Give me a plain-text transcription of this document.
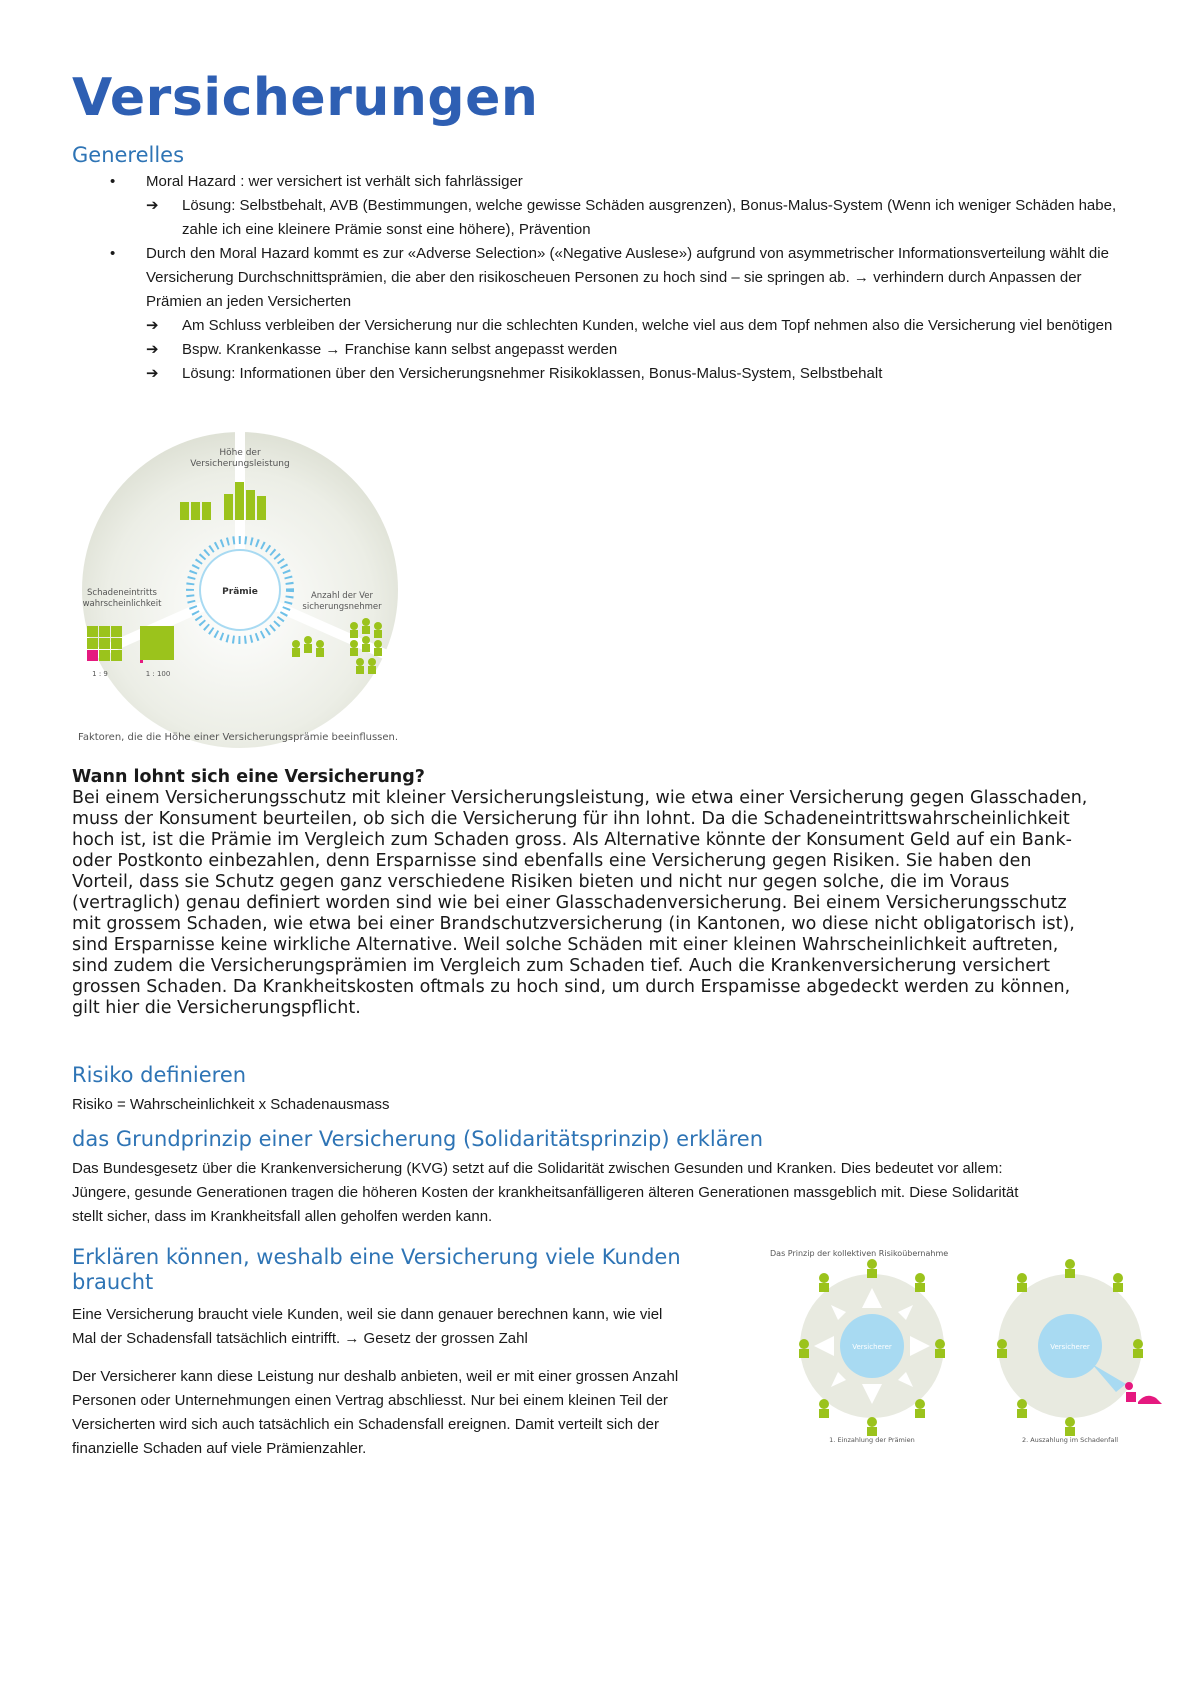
Versicherungen
Generelles
•	Moral Hazard : wer versichert ist verhält sich fahrlässiger
➔	Lösung: Selbstbehalt, AVB (Bestimmungen, welche gewisse Schäden ausgrenzen), Bonus-Malus-System (Wenn ich weniger Schäden habe, zahle ich eine kleinere Prämie sonst eine höhere), Prävention
•	Durch den Moral Hazard kommt es zur «Adverse Selection» («Negative Auslese») aufgrund von asymmetrischer Informationsverteilung wählt die Versicherung Durchschnittsprämien, die aber den risikoscheuen Personen zu hoch sind – sie springen ab. → verhindern durch Anpassen der Prämien an jeden Versicherten
➔	Am Schluss verbleiben der Versicherung nur die schlechten Kunden, welche viel aus dem Topf nehmen also die Versicherung viel benötigen
➔	Bspw. Krankenkasse → Franchise kann selbst angepasst werden
➔	Lösung: Informationen über den Versicherungsnehmer Risikoklassen, Bonus-Malus-System, Selbstbehalt
Prämie
Höhe der
Versicherungsleistung
Schadeneintritts
wahrscheinlichkeit
1 : 9	1 : 100
Anzahl der Ver
sicherungsnehmer
Faktoren, die die Höhe einer Versicherungsprämie beeinflussen.
Wann lohnt sich eine Versicherung?
Bei einem Versicherungsschutz mit kleiner Versicherungsleistung, wie etwa einer Versicherung gegen Glasschaden,
muss der Konsument beurteilen, ob sich die Versicherung für ihn lohnt. Da die Schadeneintrittswahrscheinlichkeit
hoch ist, ist die Prämie im Vergleich zum Schaden gross. Als Alternative könnte der Konsument Geld auf ein Bank-
oder Postkonto einbezahlen, denn Ersparnisse sind ebenfalls eine Versicherung gegen Risiken. Sie haben den
Vorteil, dass sie Schutz gegen ganz verschiedene Risiken bieten und nicht nur gegen solche, die im Voraus
(vertraglich) genau definiert worden sind wie bei einer Glasschadenversicherung. Bei einem Versicherungsschutz
mit grossem Schaden, wie etwa bei einer Brandschutzversicherung (in Kantonen, wo diese nicht obligatorisch ist),
sind Ersparnisse keine wirkliche Alternative. Weil solche Schäden mit einer kleinen Wahrscheinlichkeit auftreten,
sind zudem die Versicherungsprämien im Vergleich zum Schaden tief. Auch die Krankenversicherung versichert
grossen Schaden. Da Krankheitskosten oftmals zu hoch sind, um durch Erspamisse abgedeckt werden zu können,
gilt hier die Versicherungspflicht.
Risiko definieren
Risiko = Wahrscheinlichkeit x Schadenausmass
das Grundprinzip einer Versicherung (Solidaritätsprinzip) erklären
Das Bundesgesetz über die Krankenversicherung (KVG) setzt auf die Solidarität zwischen Gesunden und Kranken. Dies bedeutet vor allem:
Jüngere, gesunde Generationen tragen die höheren Kosten der krankheitsanfälligeren älteren Generationen massgeblich mit. Diese Solidarität
stellt sicher, dass im Krankheitsfall allen geholfen werden kann.
Erklären können, weshalb eine Versicherung viele Kunden
braucht
Eine Versicherung braucht viele Kunden, weil sie dann genauer berechnen kann, wie viel
Mal der Schadensfall tatsächlich eintrifft. → Gesetz der grossen Zahl
Der Versicherer kann diese Leistung nur deshalb anbieten, weil er mit einer grossen Anzahl
Personen oder Unternehmungen einen Vertrag abschliesst. Nur bei einem kleinen Teil der
Versicherten wird sich auch tatsächlich ein Schadensfall ereignen. Damit verteilt sich der
finanzielle Schaden auf viele Prämienzahler.
Das Prinzip der kollektiven Risikoübernahme
Versicherer
1. Einzahlung der Prämien
Versicherer
2. Auszahlung im Schadenfall
